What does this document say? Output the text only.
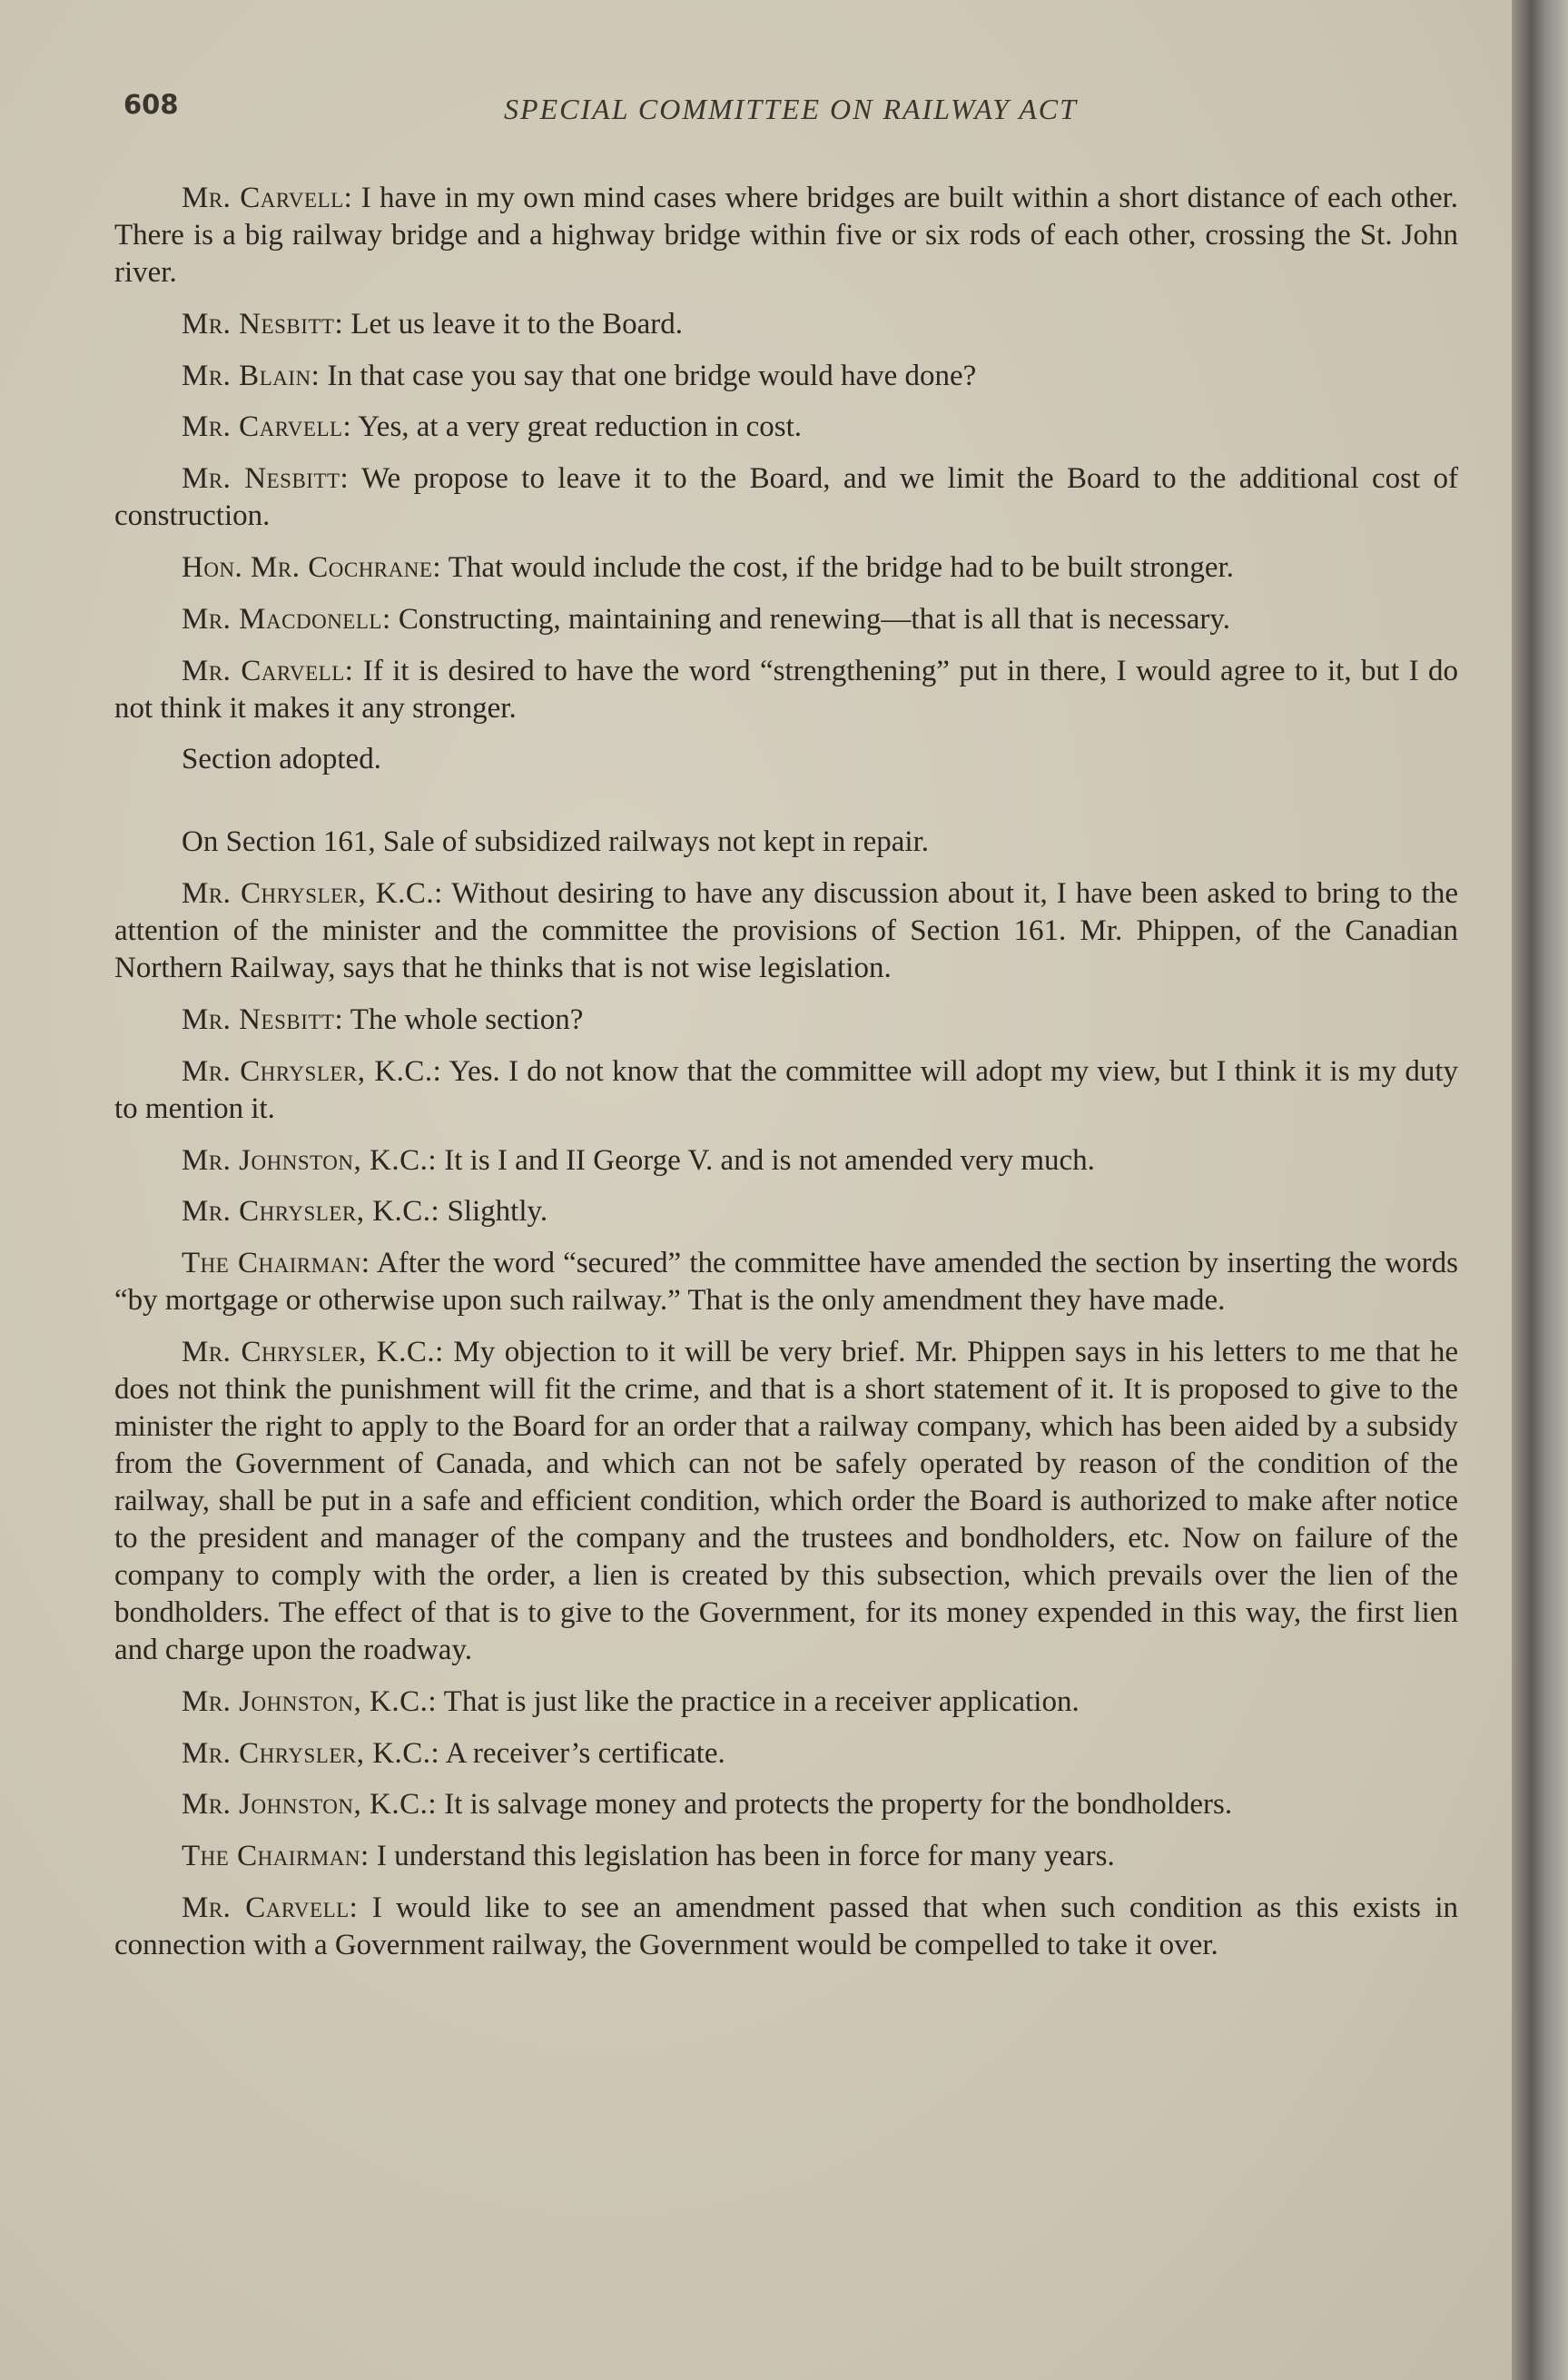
608	SPECIAL COMMITTEE ON RAILWAY ACT

Mr. Carvell: I have in my own mind cases where bridges are built within a short distance of each other. There is a big railway bridge and a highway bridge within five or six rods of each other, crossing the St. John river.

Mr. Nesbitt: Let us leave it to the Board.

Mr. Blain: In that case you say that one bridge would have done?

Mr. Carvell: Yes, at a very great reduction in cost.

Mr. Nesbitt: We propose to leave it to the Board, and we limit the Board to the additional cost of construction.

Hon. Mr. Cochrane: That would include the cost, if the bridge had to be built stronger.

Mr. Macdonell: Constructing, maintaining and renewing—that is all that is necessary.

Mr. Carvell: If it is desired to have the word “strengthening” put in there, I would agree to it, but I do not think it makes it any stronger.

Section adopted.

On Section 161, Sale of subsidized railways not kept in repair.

Mr. Chrysler, K.C.: Without desiring to have any discussion about it, I have been asked to bring to the attention of the minister and the committee the provisions of Section 161. Mr. Phippen, of the Canadian Northern Railway, says that he thinks that is not wise legislation.

Mr. Nesbitt: The whole section?

Mr. Chrysler, K.C.: Yes. I do not know that the committee will adopt my view, but I think it is my duty to mention it.

Mr. Johnston, K.C.: It is I and II George V. and is not amended very much.

Mr. Chrysler, K.C.: Slightly.

The Chairman: After the word “secured” the committee have amended the section by inserting the words “by mortgage or otherwise upon such railway.” That is the only amendment they have made.

Mr. Chrysler, K.C.: My objection to it will be very brief. Mr. Phippen says in his letters to me that he does not think the punishment will fit the crime, and that is a short statement of it. It is proposed to give to the minister the right to apply to the Board for an order that a railway company, which has been aided by a subsidy from the Government of Canada, and which can not be safely operated by reason of the condition of the railway, shall be put in a safe and efficient condition, which order the Board is authorized to make after notice to the president and manager of the company and the trustees and bondholders, etc. Now on failure of the company to comply with the order, a lien is created by this subsection, which prevails over the lien of the bondholders. The effect of that is to give to the Government, for its money expended in this way, the first lien and charge upon the roadway.

Mr. Johnston, K.C.: That is just like the practice in a receiver application.

Mr. Chrysler, K.C.: A receiver’s certificate.

Mr. Johnston, K.C.: It is salvage money and protects the property for the bondholders.

The Chairman: I understand this legislation has been in force for many years.

Mr. Carvell: I would like to see an amendment passed that when such condition as this exists in connection with a Government railway, the Government would be compelled to take it over.
